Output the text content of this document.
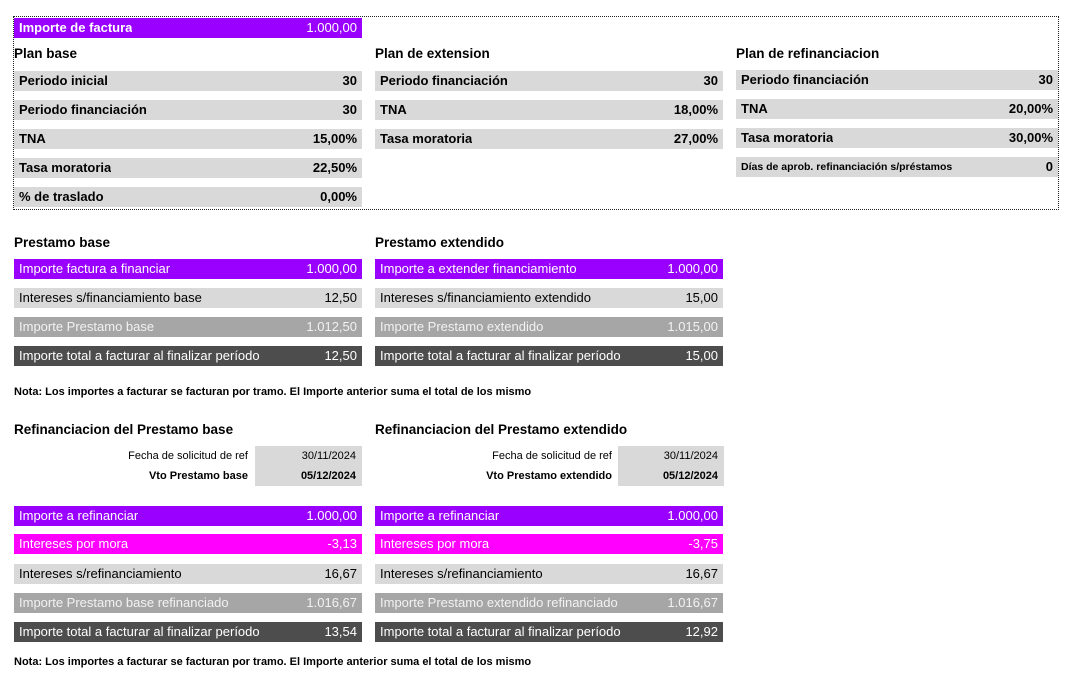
Importe de factura	1.000,00
Plan base	Plan de extension	Plan de refinanciacion
Periodo inicial	30
Periodo financiación	30
TNA	15,00%
Tasa moratoria	22,50%
% de traslado	0,00%
Periodo financiación	30
TNA	18,00%
Tasa moratoria	27,00%
Periodo financiación	30
TNA	20,00%
Tasa moratoria	30,00%
Días de aprob. refinanciación s/préstamos	0
Prestamo base	Prestamo extendido
Importe factura a financiar	1.000,00
Intereses s/financiamiento base	12,50
Importe Prestamo base	1.012,50
Importe total a facturar al finalizar período	12,50
Importe a extender financiamiento	1.000,00
Intereses s/financiamiento extendido	15,00
Importe Prestamo extendido	1.015,00
Importe total a facturar al finalizar período	15,00
Nota: Los importes a facturar se facturan por tramo. El Importe anterior suma el total de los mismo
Refinanciacion del Prestamo base	Refinanciacion del Prestamo extendido
Fecha de solicitud de ref	30/11/2024
Vto Prestamo base	05/12/2024
Fecha de solicitud de ref	30/11/2024
Vto Prestamo extendido	05/12/2024
Importe a refinanciar	1.000,00
Intereses por mora	-3,13
Intereses s/refinanciamiento	16,67
Importe Prestamo base refinanciado	1.016,67
Importe total a facturar al finalizar período	13,54
Importe a refinanciar	1.000,00
Intereses por mora	-3,75
Intereses s/refinanciamiento	16,67
Importe Prestamo extendido refinanciado	1.016,67
Importe total a facturar al finalizar período	12,92
Nota: Los importes a facturar se facturan por tramo. El Importe anterior suma el total de los mismo
